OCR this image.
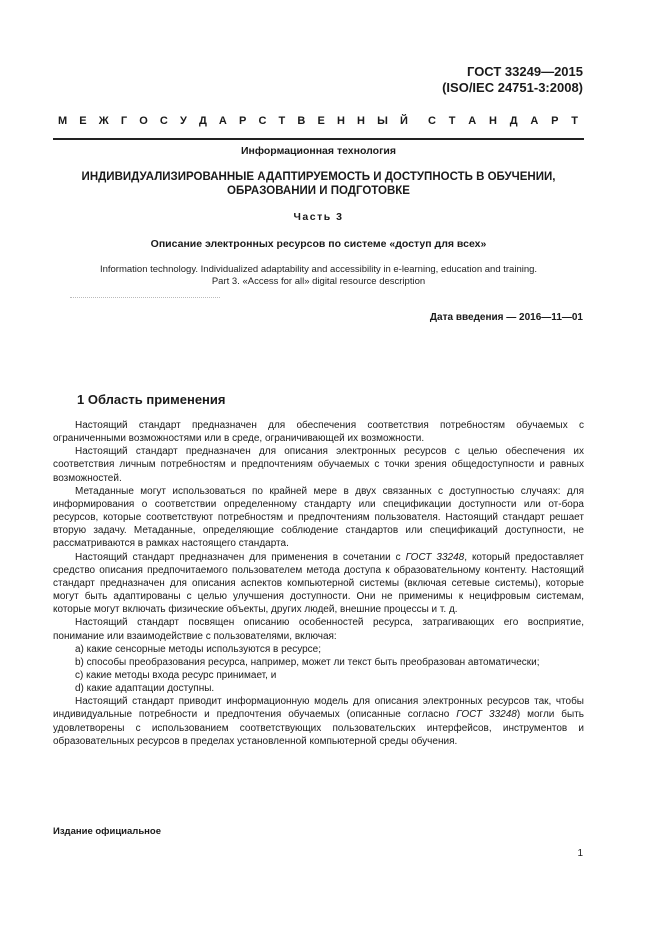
ГОСТ 33249—2015
(ISO/IEC 24751-3:2008)
М Е Ж Г О С У Д А Р С Т В Е Н Н Ы Й С Т А Н Д А Р Т
Информационная технология
ИНДИВИДУАЛИЗИРОВАННЫЕ АДАПТИРУЕМОСТЬ И ДОСТУПНОСТЬ В ОБУЧЕНИИ,
ОБРАЗОВАНИИ И ПОДГОТОВКЕ
Часть 3
Описание электронных ресурсов по системе «доступ для всех»
Information technology. Individualized adaptability and accessibility in e-learning, education and training.
Part 3. «Access for all» digital resource description
Дата введения — 2016—11—01
1 Область применения

Настоящий стандарт предназначен для обеспечения соответствия потребностям обучаемых с ограниченными возможностями или в среде, ограничивающей их возможности.

Настоящий стандарт предназначен для описания электронных ресурсов с целью обеспечения их соответствия личным потребностям и предпочтениям обучаемых с точки зрения общедоступности и равных возможностей.

Метаданные могут использоваться по крайней мере в двух связанных с доступностью случаях: для информирования о соответствии определенному стандарту или спецификации доступности или от-бора ресурсов, которые соответствуют потребностям и предпочтениям пользователя. Настоящий стандарт решает вторую задачу. Метаданные, определяющие соблюдение стандартов или спецификаций доступности, не рассматриваются в рамках настоящего стандарта.

Настоящий стандарт предназначен для применения в сочетании с ГОСТ 33248, который предоставляет средство описания предпочитаемого пользователем метода доступа к образовательному контенту. Настоящий стандарт предназначен для описания аспектов компьютерной системы (включая сетевые системы), которые могут быть адаптированы с целью улучшения доступности. Они не применимы к нецифровым системам, которые могут включать физические объекты, других людей, внешние процессы и т. д.

Настоящий стандарт посвящен описанию особенностей ресурса, затрагивающих его восприятие, понимание или взаимодействие с пользователями, включая:

а) какие сенсорные методы используются в ресурсе;

b) способы преобразования ресурса, например, может ли текст быть преобразован автоматически;

с) какие методы входа ресурс принимает, и

d) какие адаптации доступны.

Настоящий стандарт приводит информационную модель для описания электронных ресурсов так, чтобы индивидуальные потребности и предпочтения обучаемых (описанные согласно ГОСТ 33248) могли быть удовлетворены с использованием соответствующих пользовательских интерфейсов, инструментов и образовательных ресурсов в пределах установленной компьютерной среды обучения.

Издание официальное
1
